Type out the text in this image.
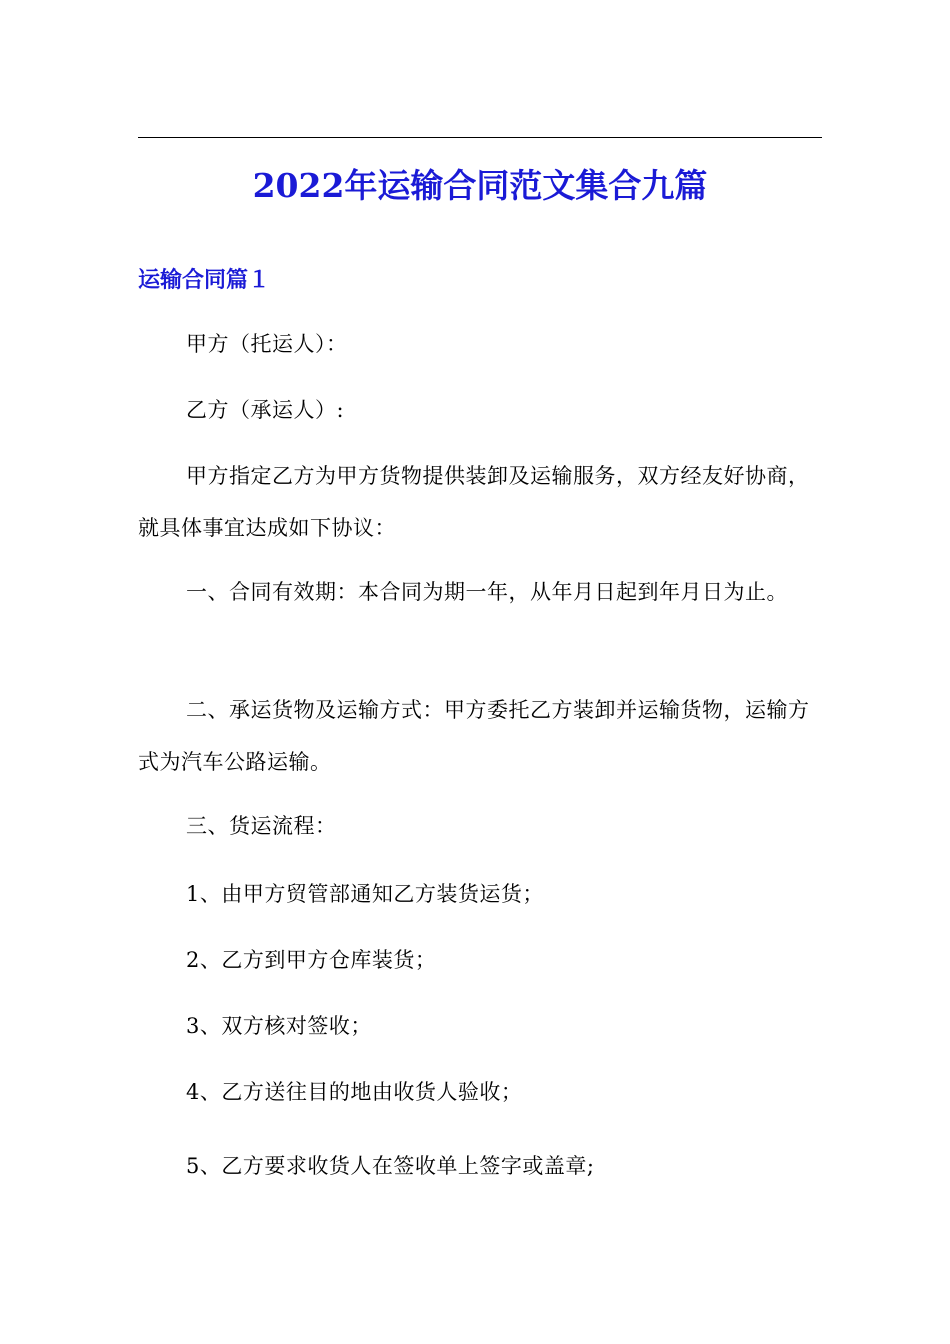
2022年运输合同范文集合九篇
运输合同篇１

甲方（托运人）：

乙方（承运人）:

甲方指定乙方为甲方货物提供装卸及运输服务，双方经友好协商，就具体事宜达成如下协议：

一、合同有效期：本合同为期一年，从年月日起到年月日为止。

二、承运货物及运输方式：甲方委托乙方装卸并运输货物，运输方式为汽车公路运输。

三、货运流程：

1、由甲方贸管部通知乙方装货运货；

2、乙方到甲方仓库装货；

3、双方核对签收；

4、乙方送往目的地由收货人验收；

5、乙方要求收货人在签收单上签字或盖章;
